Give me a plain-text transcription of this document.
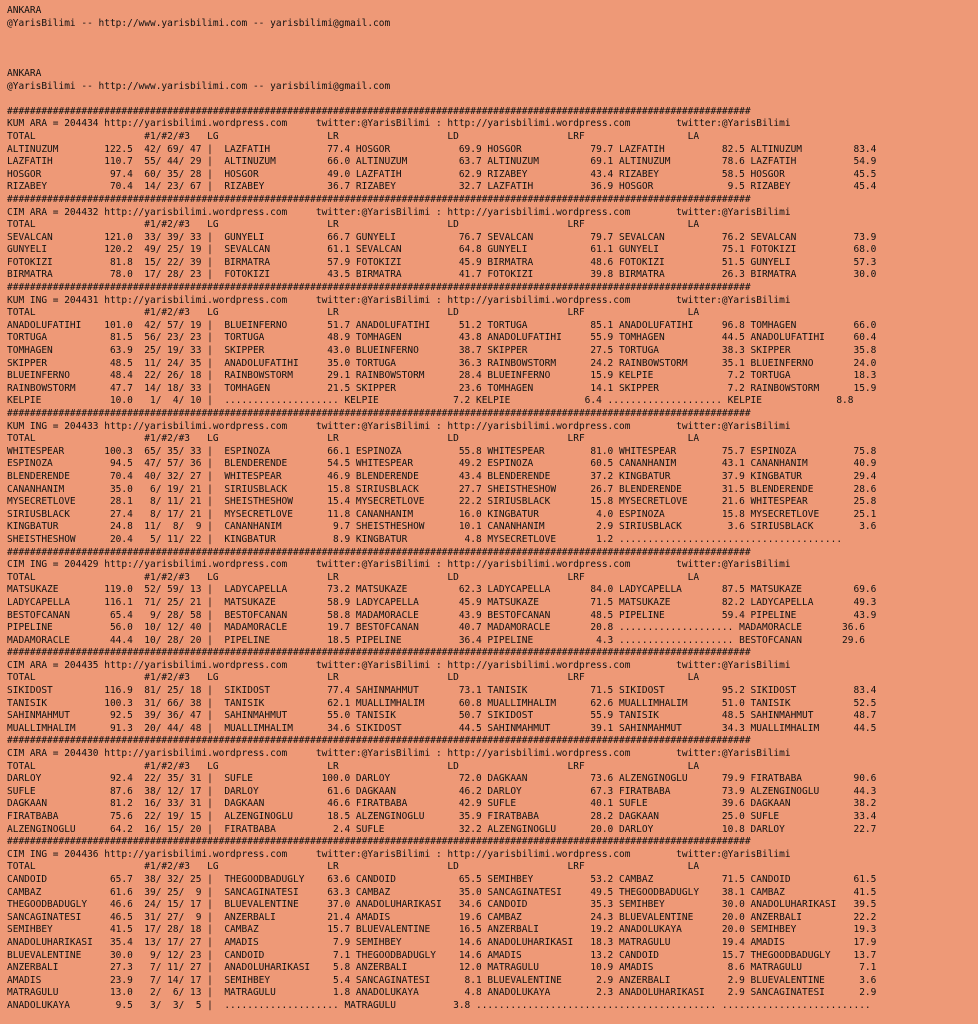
ANKARA
@YarisBilimi -- http://www.yarisbilimi.com -- yarisbilimi@gmail.com
ANKARA
@YarisBilimi -- http://www.yarisbilimi.com -- yarisbilimi@gmail.com
##################################################################################################################################
KUM ARA = 204434 http://yarisbilimi.wordpress.com     twitter:@YarisBilimi : http://yarisbilimi.wordpress.com        twitter:@YarisBilimi
TOTAL                   #1/#2/#3   LG                   LR                   LD                   LRF                  LA
ALTINÜZÜM        122.5  42/ 69/ 47 |  LAZFATIH          77.4 HOSGÖR            69.9 HOSGÖR            79.7 LAZFATIH          82.5 ALTINÜZÜM         83.4
LAZFATIH         110.7  55/ 44/ 29 |  ALTINÜZÜM         66.0 ALTINÜZÜM         63.7 ALTINÜZÜM         69.1 ALTINÜZÜM         78.6 LAZFATIH          54.9
HOSGÖR            97.4  60/ 35/ 28 |  HOSGÖR            49.0 LAZFATIH          62.9 RIZABEY           43.4 RIZABEY           58.5 HOSGÖR            45.5
RIZABEY           70.4  14/ 23/ 67 |  RIZABEY           36.7 RIZABEY           32.7 LAZFATIH          36.9 HOSGÖR             9.5 RIZABEY           45.4
##################################################################################################################################
CIM ARA = 204432 http://yarisbilimi.wordpress.com     twitter:@YarisBilimi : http://yarisbilimi.wordpress.com        twitter:@YarisBilimi
TOTAL                   #1/#2/#3   LG                   LR                   LD                   LRF                  LA
SEVALCAN         121.0  33/ 39/ 33 |  GÜNYELI           66.7 GÜNYELI           76.7 SEVALCAN          79.7 SEVALCAN          76.2 SEVALCAN          73.9
GÜNYELI          120.2  49/ 25/ 19 |  SEVALCAN          61.1 SEVALCAN          64.8 GÜNYELI           61.1 GÜNYELI           75.1 FOTOKIZI          68.0
FOTOKIZI          81.8  15/ 22/ 39 |  BIRMATRA          57.9 FOTOKIZI          45.9 BIRMATRA          48.6 FOTOKIZI          51.5 GÜNYELI           57.3
BIRMATRA          78.0  17/ 28/ 23 |  FOTOKIZI          43.5 BIRMATRA          41.7 FOTOKIZI          39.8 BIRMATRA          26.3 BIRMATRA          30.0
##################################################################################################################################
KUM ING = 204431 http://yarisbilimi.wordpress.com     twitter:@YarisBilimi : http://yarisbilimi.wordpress.com        twitter:@YarisBilimi
TOTAL                   #1/#2/#3   LG                   LR                   LD                   LRF                  LA
ANADOLUFATIHI    101.0  42/ 57/ 19 |  BLUEINFERNO       51.7 ANADOLUFATIHI     51.2 TORTUGA           85.1 ANADOLUFATIHI     96.8 TOMHAGEN          66.0
TORTUGA           81.5  56/ 23/ 23 |  TORTUGA           48.9 TOMHAGEN          43.8 ANADOLUFATIHI     55.9 TOMHAGEN          44.5 ANADOLUFATIHI     60.4
TOMHAGEN          63.9  25/ 19/ 33 |  SKIPPER           43.0 BLUEINFERNO       38.7 SKIPPER           27.5 TORTUGA           38.3 SKIPPER           35.8
SKIPPER           48.5  11/ 24/ 35 |  ANADOLUFATIHI     35.0 TORTUGA           36.3 RAINBOWSTORM      24.2 RAINBOWSTORM      35.1 BLUEINFERNO       24.0
BLUEINFERNO       48.4  22/ 26/ 18 |  RAINBOWSTORM      29.1 RAINBOWSTORM      28.4 BLUEINFERNO       15.9 KELPIE             7.2 TORTUGA           18.3
RAINBOWSTORM      47.7  14/ 18/ 33 |  TOMHAGEN          21.5 SKIPPER           23.6 TOMHAGEN          14.1 SKIPPER            7.2 RAINBOWSTORM      15.9
KELPIE            10.0   1/  4/ 10 |  .................... KELPIE             7.2 KELPIE             6.4 .................... KELPIE             8.8
##################################################################################################################################
KUM ING = 204433 http://yarisbilimi.wordpress.com     twitter:@YarisBilimi : http://yarisbilimi.wordpress.com        twitter:@YarisBilimi
TOTAL                   #1/#2/#3   LG                   LR                   LD                   LRF                  LA
WHITESPEAR       100.3  65/ 35/ 33 |  ESPINOZA          66.1 ESPINOZA          55.8 WHITESPEAR        81.0 WHITESPEAR        75.7 ESPINOZA          75.8
ESPINOZA          94.5  47/ 57/ 36 |  BLENDERENDE       54.5 WHITESPEAR        49.2 ESPINOZA          60.5 CANANHANIM        43.1 CANANHANIM        40.9
BLENDERENDE       70.4  40/ 32/ 27 |  WHITESPEAR        46.9 BLENDERENDE       43.4 BLENDERENDE       37.2 KINGBATUR         37.9 KINGBATUR         29.4
CANANHANIM        35.0   6/ 19/ 21 |  SIRIUSBLACK       15.8 SIRIUSBLACK       27.7 SHEISTHESHOW      26.7 BLENDERENDE       31.5 BLENDERENDE       28.6
MYSECRETLOVE      28.1   8/ 11/ 21 |  SHEISTHESHOW      15.4 MYSECRETLOVE      22.2 SIRIUSBLACK       15.8 MYSECRETLOVE      21.6 WHITESPEAR        25.8
SIRIUSBLACK       27.4   8/ 17/ 21 |  MYSECRETLOVE      11.8 CANANHANIM        16.0 KINGBATUR          4.0 ESPINOZA          15.8 MYSECRETLOVE      25.1
KINGBATUR         24.8  11/  8/  9 |  CANANHANIM         9.7 SHEISTHESHOW      10.1 CANANHANIM         2.9 SIRIUSBLACK        3.6 SIRIUSBLACK        3.6
SHEISTHESHOW      20.4   5/ 11/ 22 |  KINGBATUR          8.9 KINGBATUR          4.8 MYSECRETLOVE       1.2 .......................................
##################################################################################################################################
CIM ING = 204429 http://yarisbilimi.wordpress.com     twitter:@YarisBilimi : http://yarisbilimi.wordpress.com        twitter:@YarisBilimi
TOTAL                   #1/#2/#3   LG                   LR                   LD                   LRF                  LA
MATSUKAZE        119.0  52/ 59/ 13 |  LADYCAPELLA       73.2 MATSUKAZE         62.3 LADYCAPELLA       84.0 LADYCAPELLA       87.5 MATSUKAZE         69.6
LADYCAPELLA      116.1  71/ 25/ 21 |  MATSUKAZE         58.9 LADYCAPELLA       45.9 MATSUKAZE         71.5 MATSUKAZE         82.2 LADYCAPELLA       49.3
BESTOFCANAN       65.4   9/ 28/ 58 |  BESTOFCANAN       58.8 MADAMORACLE       43.9 BESTOFCANAN       48.5 PIPELINE          59.4 PIPELINE          43.9
PIPELINE          56.0  10/ 12/ 40 |  MADAMORACLE       19.7 BESTOFCANAN       40.7 MADAMORACLE       20.8 .................... MADAMORACLE       36.6
MADAMORACLE       44.4  10/ 28/ 20 |  PIPELINE          18.5 PIPELINE          36.4 PIPELINE           4.3 .................... BESTOFCANAN       29.6
##################################################################################################################################
CIM ARA = 204435 http://yarisbilimi.wordpress.com     twitter:@YarisBilimi : http://yarisbilimi.wordpress.com        twitter:@YarisBilimi
TOTAL                   #1/#2/#3   LG                   LR                   LD                   LRF                  LA
SIKIDOST         116.9  81/ 25/ 18 |  SIKIDOST          77.4 SAHINMAHMUT       73.1 TANISIK           71.5 SIKIDOST          95.2 SIKIDOST          83.4
TANISIK          100.3  31/ 66/ 38 |  TANISIK           62.1 MUALLIMHALIM      60.8 MUALLIMHALIM      62.6 MUALLIMHALIM      51.0 TANISIK           52.5
SAHINMAHMUT       92.5  39/ 36/ 47 |  SAHINMAHMUT       55.0 TANISIK           50.7 SIKIDOST          55.9 TANISIK           48.5 SAHINMAHMUT       48.7
MUALLIMHALIM      91.3  20/ 44/ 48 |  MUALLIMHALIM      34.6 SIKIDOST          44.5 SAHINMAHMUT       39.1 SAHINMAHMUT       34.3 MUALLIMHALIM      44.5
##################################################################################################################################
CIM ARA = 204430 http://yarisbilimi.wordpress.com     twitter:@YarisBilimi : http://yarisbilimi.wordpress.com        twitter:@YarisBilimi
TOTAL                   #1/#2/#3   LG                   LR                   LD                   LRF                  LA
DARLÖY            92.4  22/ 35/ 31 |  SUFLE            100.0 DARLÖY            72.0 DAGKAAN           73.6 ALZENGINOGLU      79.9 FIRATBABA         90.6
SUFLE             87.6  38/ 12/ 17 |  DARLÖY            61.6 DAGKAAN           46.2 DARLÖY            67.3 FIRATBABA         73.9 ALZENGINOGLU      44.3
DAGKAAN           81.2  16/ 33/ 31 |  DAGKAAN           46.6 FIRATBABA         42.9 SUFLE             40.1 SUFLE             39.6 DAGKAAN           38.2
FIRATBABA         75.6  22/ 19/ 15 |  ALZENGINOGLU      18.5 ALZENGINOGLU      35.9 FIRATBABA         28.2 DAGKAAN           25.0 SUFLE             33.4
ALZENGINOGLU      64.2  16/ 15/ 20 |  FIRATBABA          2.4 SUFLE             32.2 ALZENGINOGLU      20.0 DARLÖY            10.8 DARLÖY            22.7
##################################################################################################################################
CIM ING = 204436 http://yarisbilimi.wordpress.com     twitter:@YarisBilimi : http://yarisbilimi.wordpress.com        twitter:@YarisBilimi
TOTAL                   #1/#2/#3   LG                   LR                   LD                   LRF                  LA
CANDOID           65.7  38/ 32/ 25 |  THEGOODBADUGLY    63.6 CANDOID           65.5 SEMIHBEY          53.2 CAMBAZ            71.5 CANDOID           61.5
CAMBAZ            61.6  39/ 25/  9 |  SANCAGINATESI     63.3 CAMBAZ            35.0 SANCAGINATESI     49.5 THEGOODBADUGLY    38.1 CAMBAZ            41.5
THEGOODBADUGLY    46.6  24/ 15/ 17 |  BLUEVALENTINE     37.0 ANADOLUHARIKASI   34.6 CANDOID           35.3 SEMIHBEY          30.0 ANADOLUHARIKASI   39.5
SANCAGINATESI     46.5  31/ 27/  9 |  ANZERBALI         21.4 AMADIS            19.6 CAMBAZ            24.3 BLUEVALENTINE     20.0 ANZERBALI         22.2
SEMIHBEY          41.5  17/ 28/ 18 |  CAMBAZ            15.7 BLUEVALENTINE     16.5 ANZERBALI         19.2 ANADOLUKAYA       20.0 SEMIHBEY          19.3
ANADOLUHARIKASI   35.4  13/ 17/ 27 |  AMADIS             7.9 SEMIHBEY          14.6 ANADOLUHARIKASI   18.3 MATRAGÜLÜ         19.4 AMADIS            17.9
BLUEVALENTINE     30.0   9/ 12/ 23 |  CANDOID            7.1 THEGOODBADUGLY    14.6 AMADIS            13.2 CANDOID           15.7 THEGOODBADUGLY    13.7
ANZERBALI         27.3   7/ 11/ 27 |  ANADOLUHARIKASI    5.8 ANZERBALI         12.0 MATRAGÜLÜ         10.9 AMADIS             8.6 MATRAGÜLÜ          7.1
AMADIS            23.9   7/ 14/ 17 |  SEMIHBEY           5.4 SANCAGINATESI      8.1 BLUEVALENTINE      2.9 ANZERBALI          2.9 BLUEVALENTINE      3.6
MATRAGÜLÜ         13.0   2/  6/ 13 |  MATRAGÜLÜ          1.8 ANADOLUKAYA        4.8 ANADOLUKAYA        2.3 ANADOLUHARIKASI    2.9 SANCAGINATESI      2.9
ANADOLUKAYA        9.5   3/  3/  5 |  .................... MATRAGÜLÜ          3.8 .......................................... ..........................
